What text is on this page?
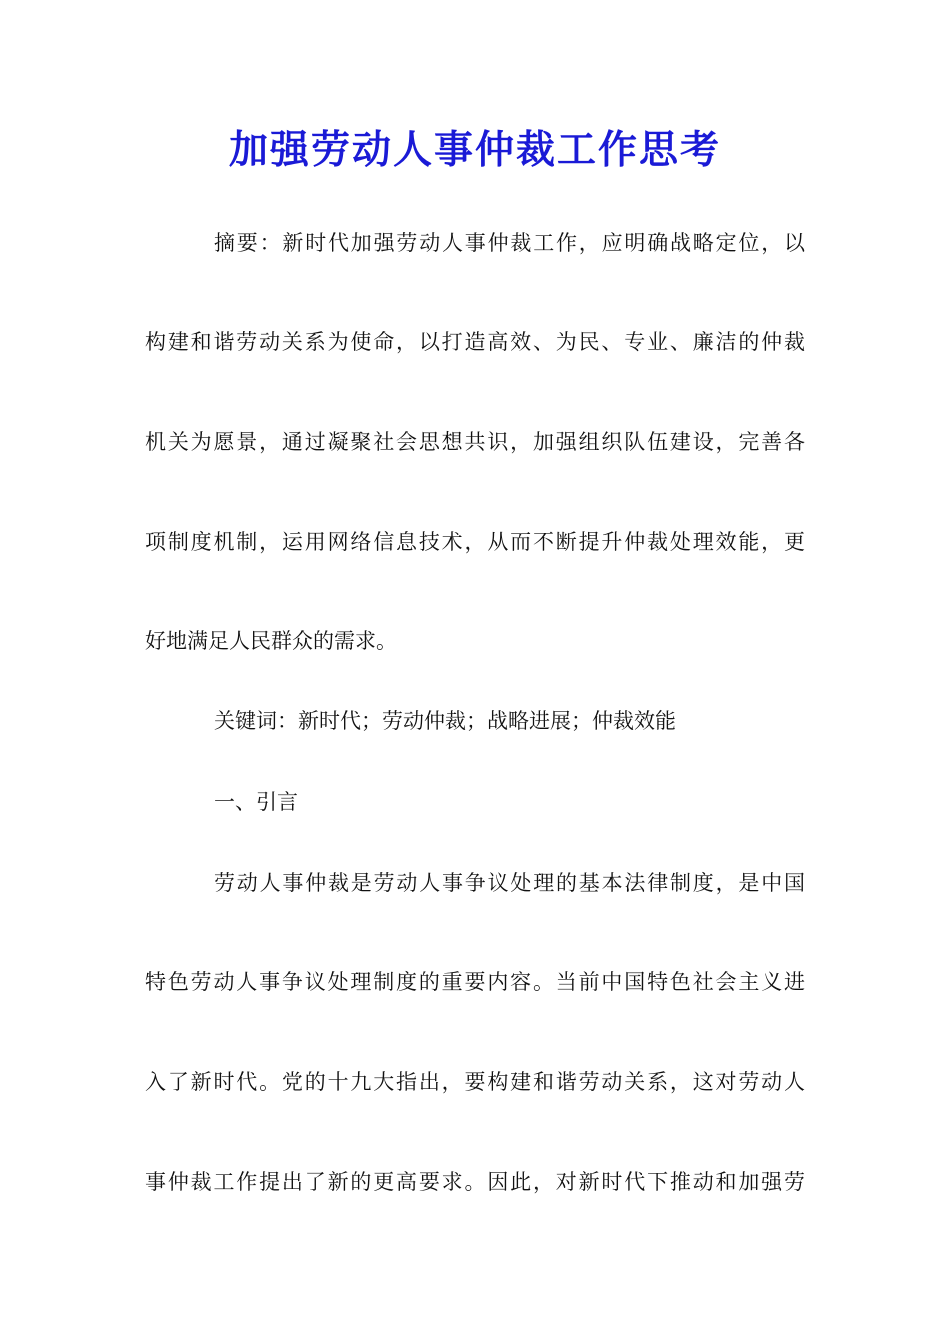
加强劳动人事仲裁工作思考
摘要：新时代加强劳动人事仲裁工作，应明确战略定位，以
构建和谐劳动关系为使命，以打造高效、为民、专业、廉洁的仲裁
机关为愿景，通过凝聚社会思想共识，加强组织队伍建设，完善各
项制度机制，运用网络信息技术，从而不断提升仲裁处理效能，更
好地满足人民群众的需求。
关键词：新时代；劳动仲裁；战略进展；仲裁效能
一、引言
劳动人事仲裁是劳动人事争议处理的基本法律制度，是中国
特色劳动人事争议处理制度的重要内容。当前中国特色社会主义进
入了新时代。党的十九大指出，要构建和谐劳动关系，这对劳动人
事仲裁工作提出了新的更高要求。因此，对新时代下推动和加强劳
